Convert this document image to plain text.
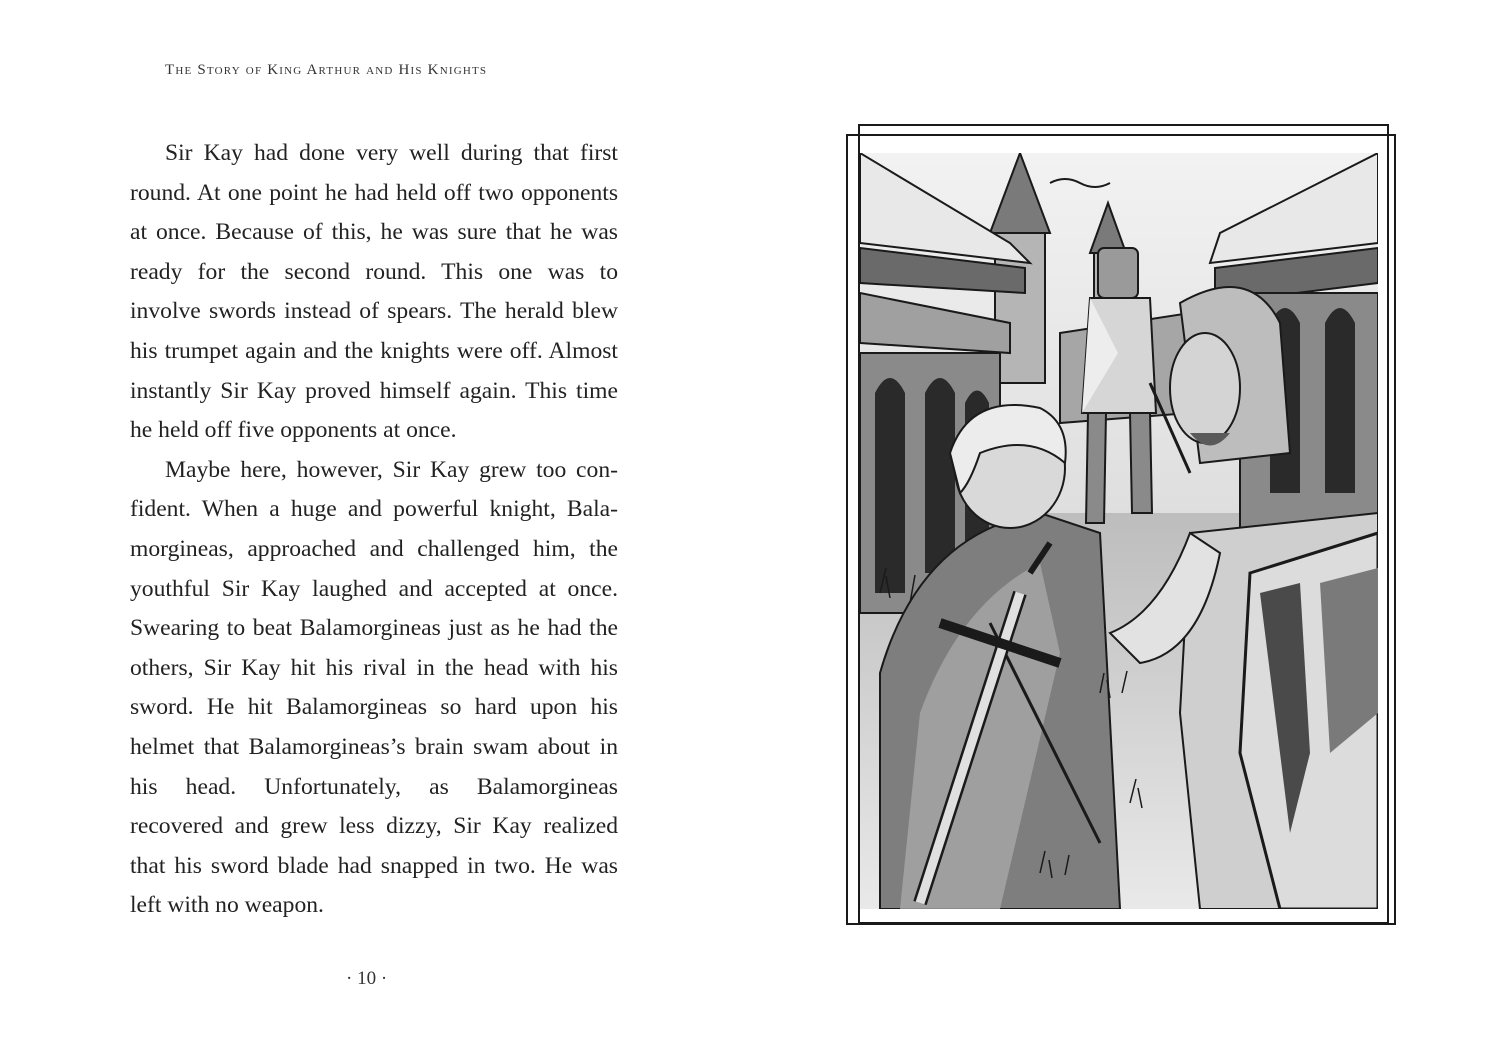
The Story of King Arthur and His Knights

Sir Kay had done very well during that first round. At one point he had held off two opponents at once. Because of this, he was sure that he was ready for the second round. This one was to involve swords instead of spears. The herald blew his trumpet again and the knights were off. Almost instantly Sir Kay proved himself again. This time he held off five opponents at once.

Maybe here, however, Sir Kay grew too confident. When a huge and powerful knight, Balamorgineas, approached and challenged him, the youthful Sir Kay laughed and accepted at once. Swearing to beat Balamorgineas just as he had the others, Sir Kay hit his rival in the head with his sword. He hit Balamorgineas so hard upon his helmet that Balamorgineas’s brain swam about in his head. Unfortunately, as Balamorgineas recovered and grew less dizzy, Sir Kay realized that his sword blade had snapped in two. He was left with no weapon.

· 10 ·
